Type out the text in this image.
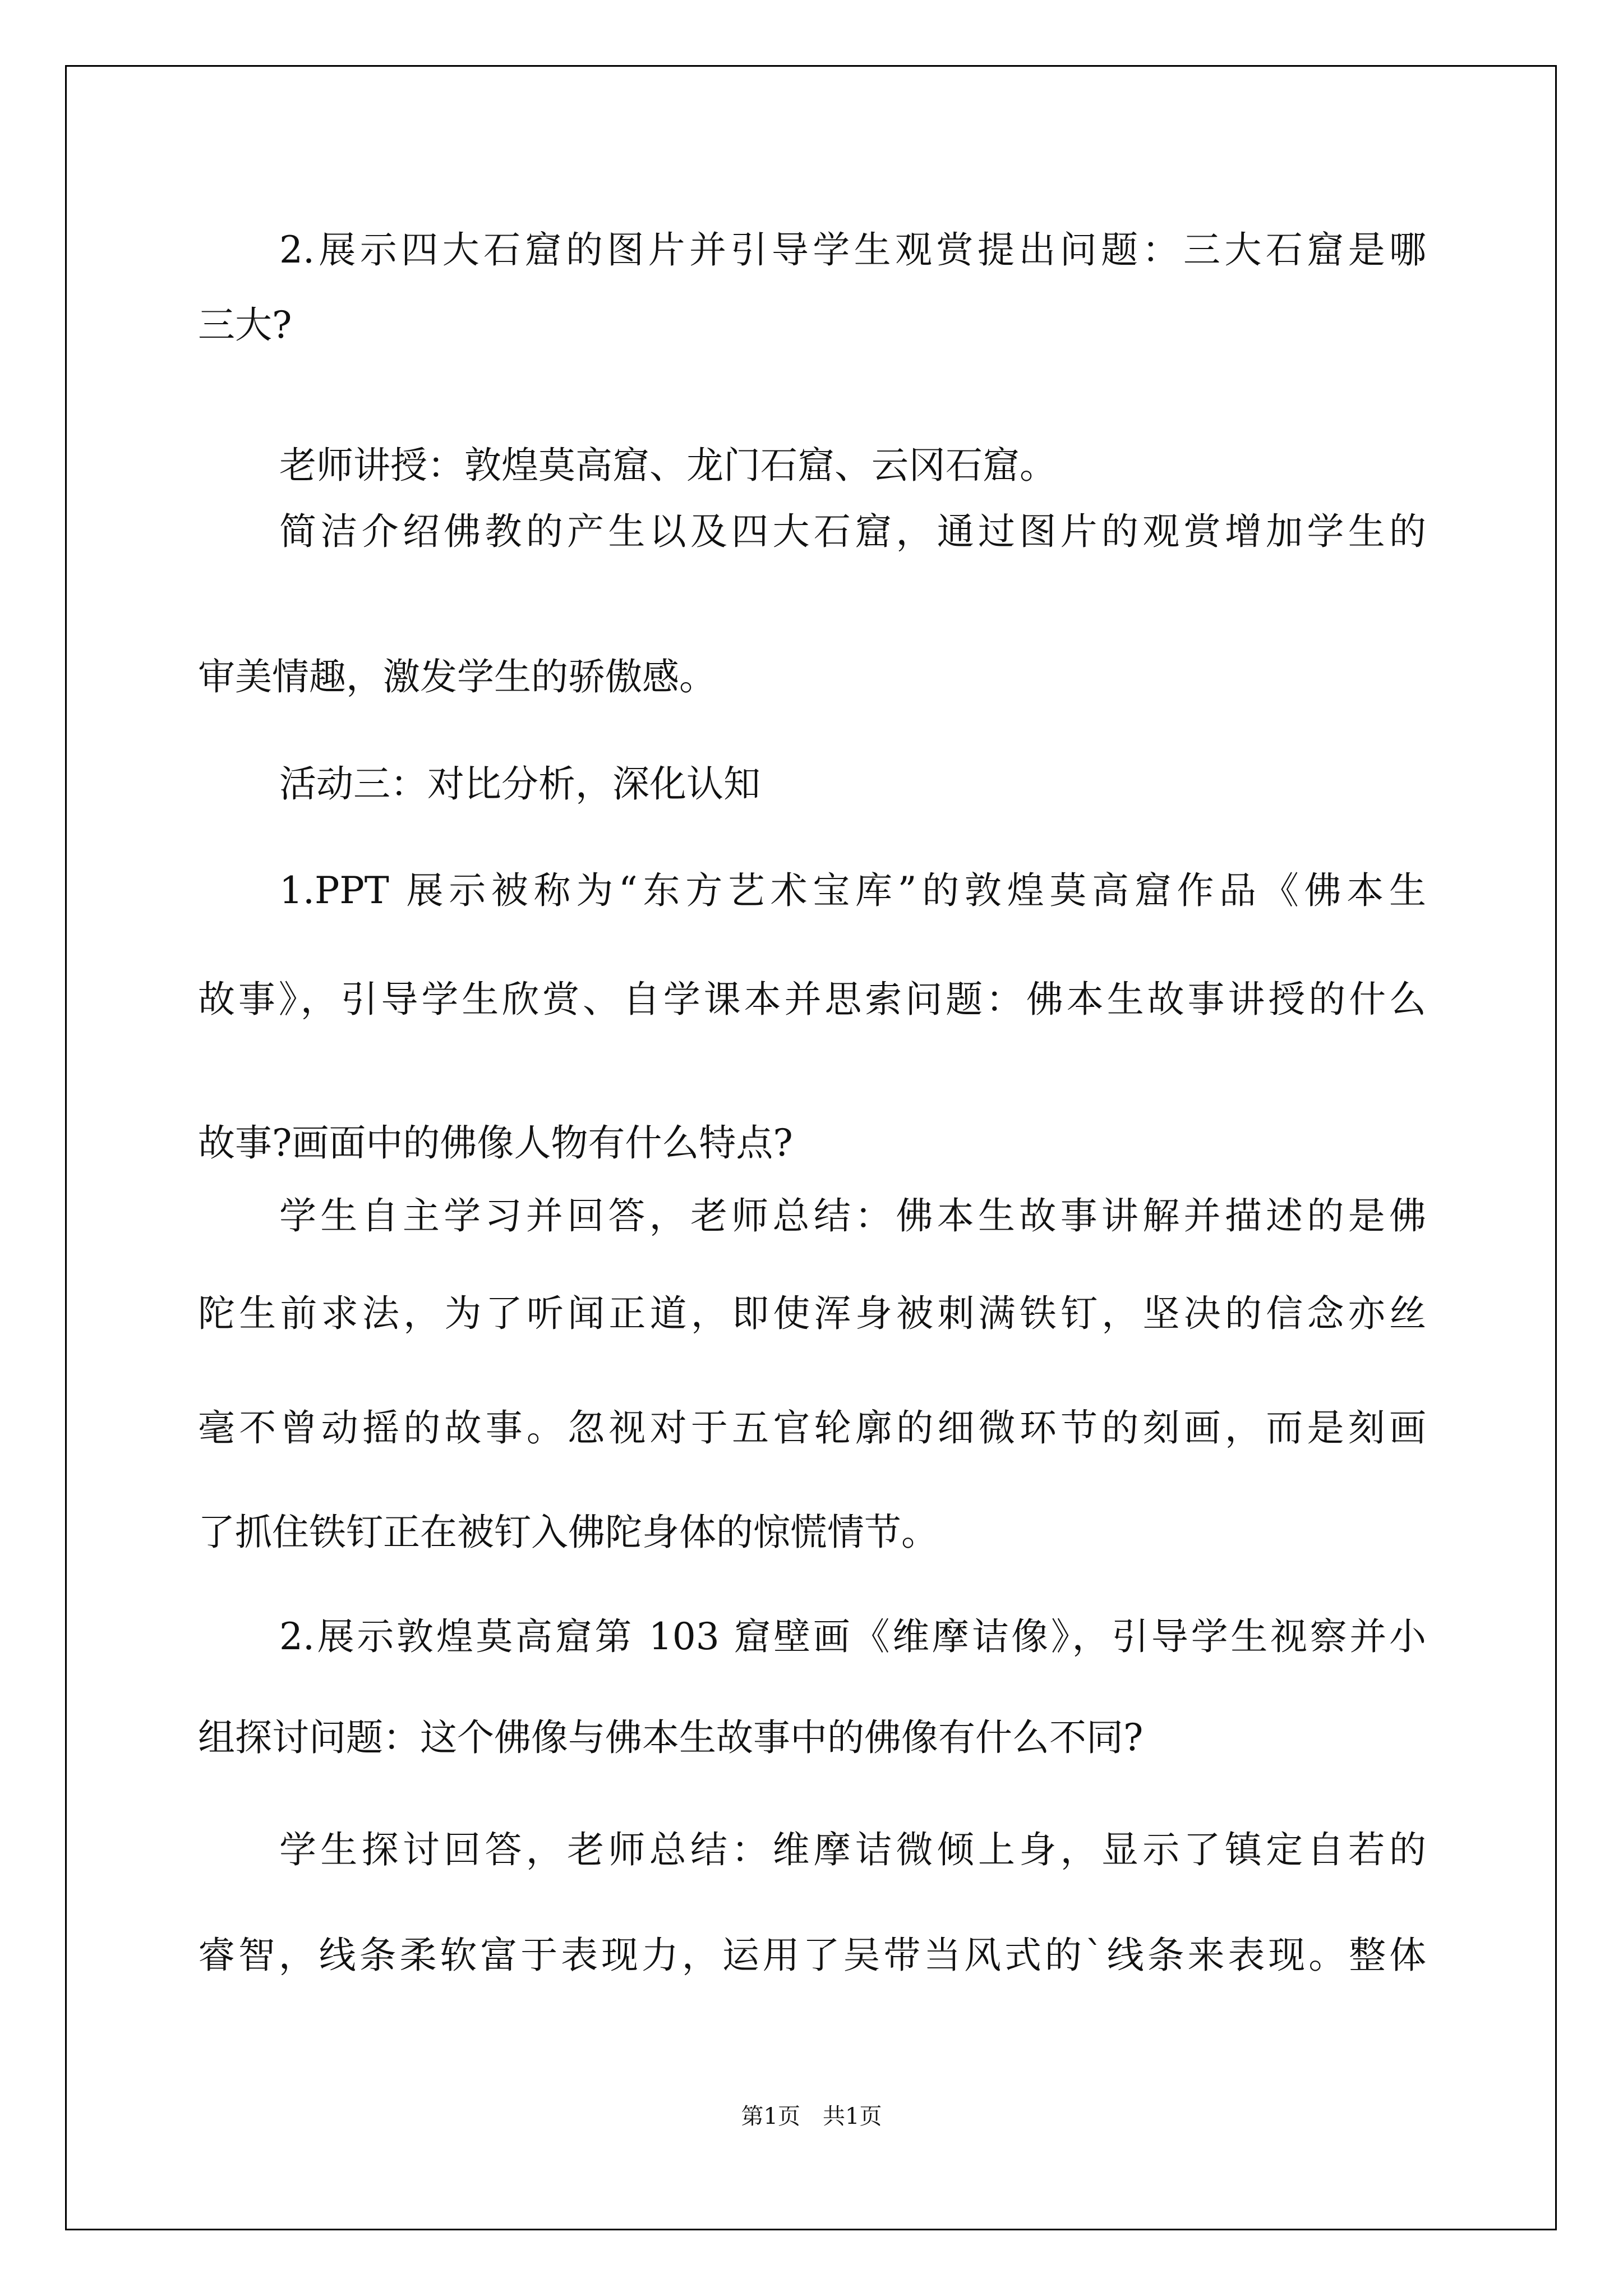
2.展示四大石窟的图片并引导学生观赏提出问题：三大石窟是哪
三大?
老师讲授：敦煌莫高窟、龙门石窟、云冈石窟。
简洁介绍佛教的产生以及四大石窟，通过图片的观赏增加学生的
审美情趣，激发学生的骄傲感。
活动三：对比分析，深化认知
1.PPT 展示被称为“东方艺术宝库”的敦煌莫高窟作品《佛本生
故事》，引导学生欣赏、自学课本并思索问题：佛本生故事讲授的什么
故事?画面中的佛像人物有什么特点?
学生自主学习并回答，老师总结：佛本生故事讲解并描述的是佛
陀生前求法，为了听闻正道，即使浑身被刺满铁钉，坚决的信念亦丝
毫不曾动摇的故事。忽视对于五官轮廓的细微环节的刻画，而是刻画
了抓住铁钉正在被钉入佛陀身体的惊慌情节。
2.展示敦煌莫高窟第 103 窟壁画《维摩诘像》，引导学生视察并小
组探讨问题：这个佛像与佛本生故事中的佛像有什么不同?
学生探讨回答，老师总结：维摩诘微倾上身，显示了镇定自若的
睿智，线条柔软富于表现力，运用了吴带当风式的`线条来表现。整体
第1页　共1页
